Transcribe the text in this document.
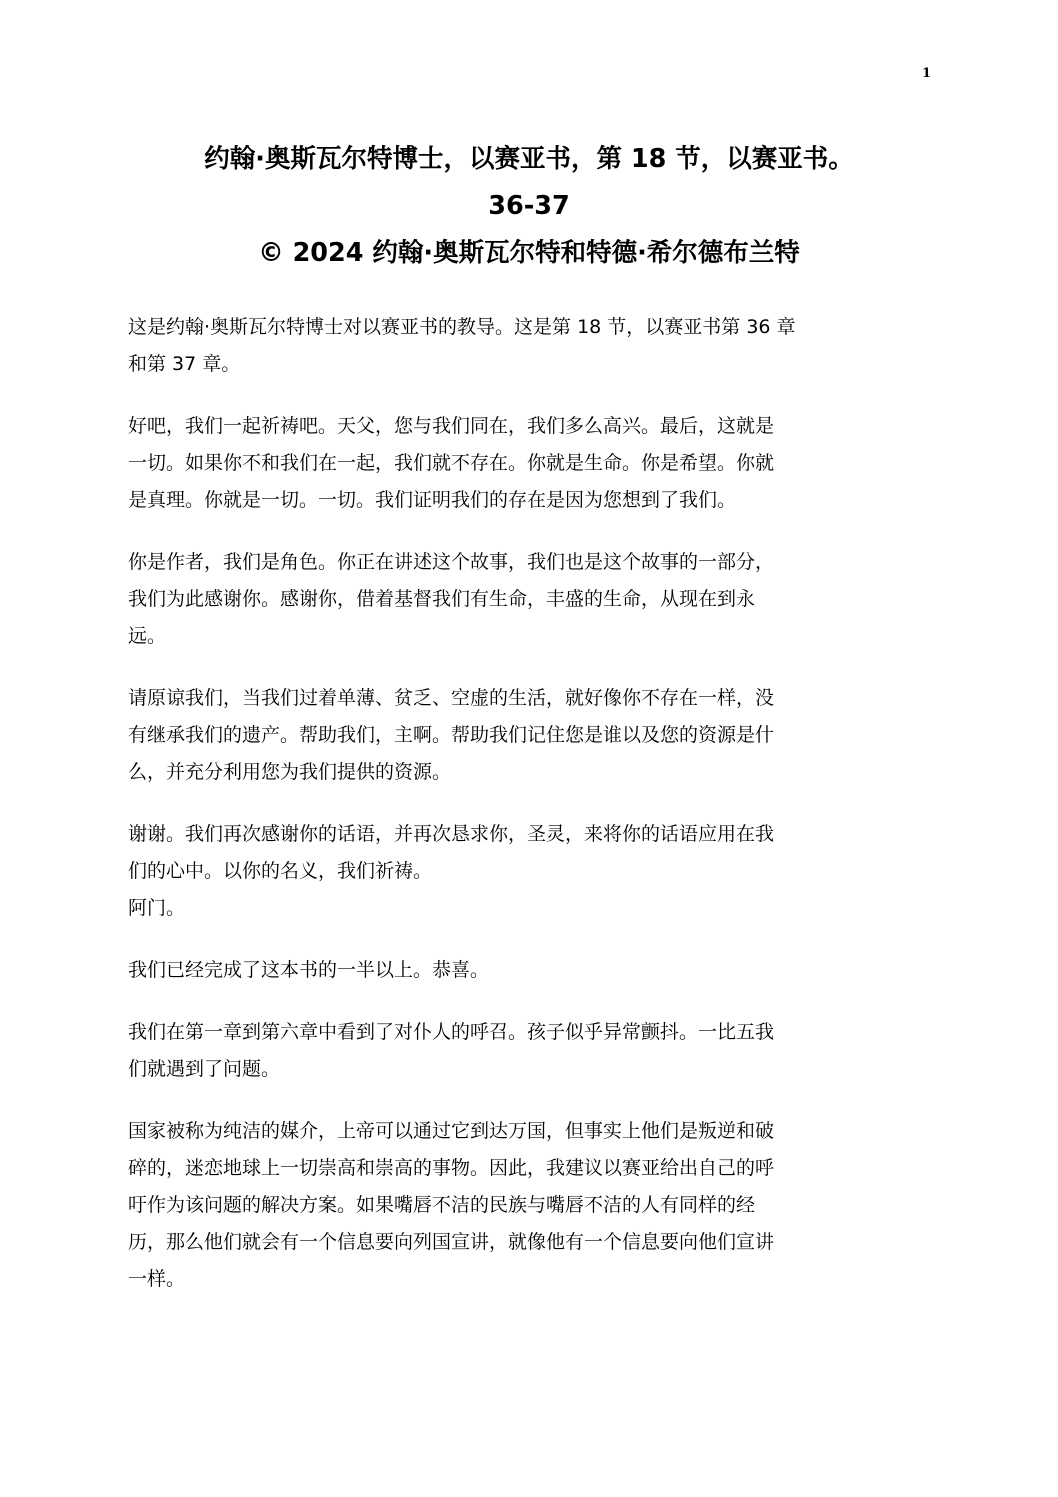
1
约翰·奥斯瓦尔特博士，以赛亚书，第 18 节，以赛亚书。
36-37
© 2024 约翰·奥斯瓦尔特和特德·希尔德布兰特

这是约翰·奥斯瓦尔特博士对以赛亚书的教导。这是第 18 节，以赛亚书第 36 章
和第 37 章。

好吧，我们一起祈祷吧。天父，您与我们同在，我们多么高兴。最后，这就是
一切。如果你不和我们在一起，我们就不存在。你就是生命。你是希望。你就
是真理。你就是一切。一切。我们证明我们的存在是因为您想到了我们。

你是作者，我们是角色。你正在讲述这个故事，我们也是这个故事的一部分，
我们为此感谢你。感谢你，借着基督我们有生命，丰盛的生命，从现在到永
远。

请原谅我们，当我们过着单薄、贫乏、空虚的生活，就好像你不存在一样，没
有继承我们的遗产。帮助我们，主啊。帮助我们记住您是谁以及您的资源是什
么，并充分利用您为我们提供的资源。

谢谢。我们再次感谢你的话语，并再次恳求你，圣灵，来将你的话语应用在我
们的心中。以你的名义，我们祈祷。
阿门。

我们已经完成了这本书的一半以上。恭喜。

我们在第一章到第六章中看到了对仆人的呼召。孩子似乎异常颤抖。一比五我
们就遇到了问题。

国家被称为纯洁的媒介，上帝可以通过它到达万国，但事实上他们是叛逆和破
碎的，迷恋地球上一切崇高和崇高的事物。因此，我建议以赛亚给出自己的呼
吁作为该问题的解决方案。如果嘴唇不洁的民族与嘴唇不洁的人有同样的经
历，那么他们就会有一个信息要向列国宣讲，就像他有一个信息要向他们宣讲
一样。
